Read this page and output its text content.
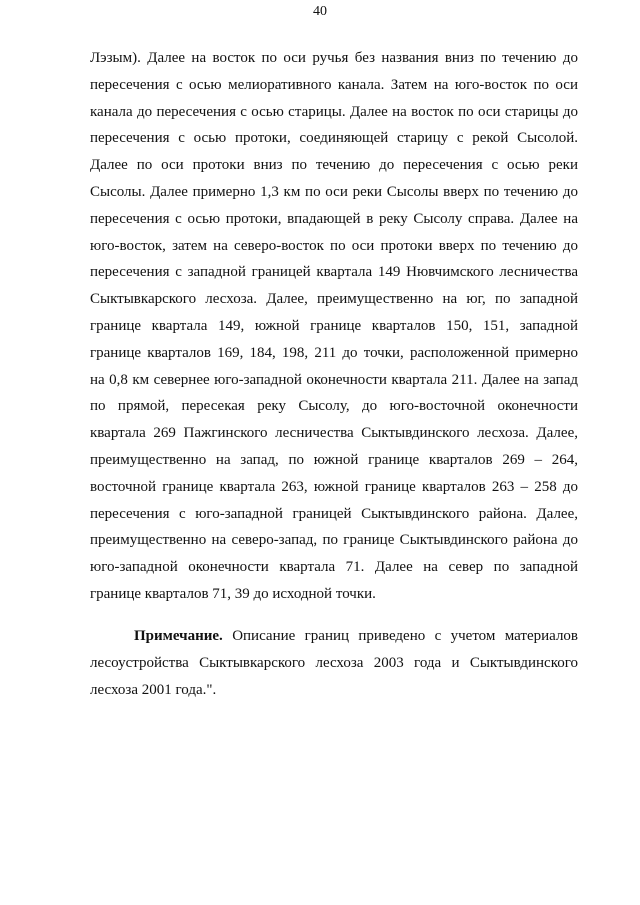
40
Лэзым). Далее на восток по оси ручья без названия вниз по течению до
пересечения с осью мелиоративного канала. Затем на юго-восток по оси
канала до пересечения с осью старицы. Далее на восток по оси старицы до
пересечения с осью протоки, соединяющей старицу с рекой Сысолой.
Далее по оси протоки вниз по течению до пересечения с осью реки
Сысолы. Далее примерно 1,3 км по оси реки Сысолы вверх по течению до
пересечения с осью протоки, впадающей в реку Сысолу справа. Далее на
юго-восток, затем на северо-восток по оси протоки вверх по течению до
пересечения с западной границей квартала 149 Нювчимского лесничества
Сыктывкарского лесхоза. Далее, преимущественно на юг, по западной
границе квартала 149, южной границе кварталов 150, 151, западной
границе кварталов 169, 184, 198, 211 до точки, расположенной примерно
на 0,8 км севернее юго-западной оконечности квартала 211. Далее на запад
по прямой, пересекая реку Сысолу, до юго-восточной оконечности
квартала 269 Пажгинского лесничества Сыктывдинского лесхоза. Далее,
преимущественно на запад, по южной границе кварталов 269 – 264,
восточной границе квартала 263, южной границе кварталов 263 – 258 до
пересечения с юго-западной границей Сыктывдинского района. Далее,
преимущественно на северо-запад, по границе Сыктывдинского района до
юго-западной оконечности квартала 71. Далее на север по западной
границе кварталов 71, 39 до исходной точки.
Примечание. Описание границ приведено с учетом материалов
лесоустройства Сыктывкарского лесхоза 2003 года и Сыктывдинского
лесхоза 2001 года.".
